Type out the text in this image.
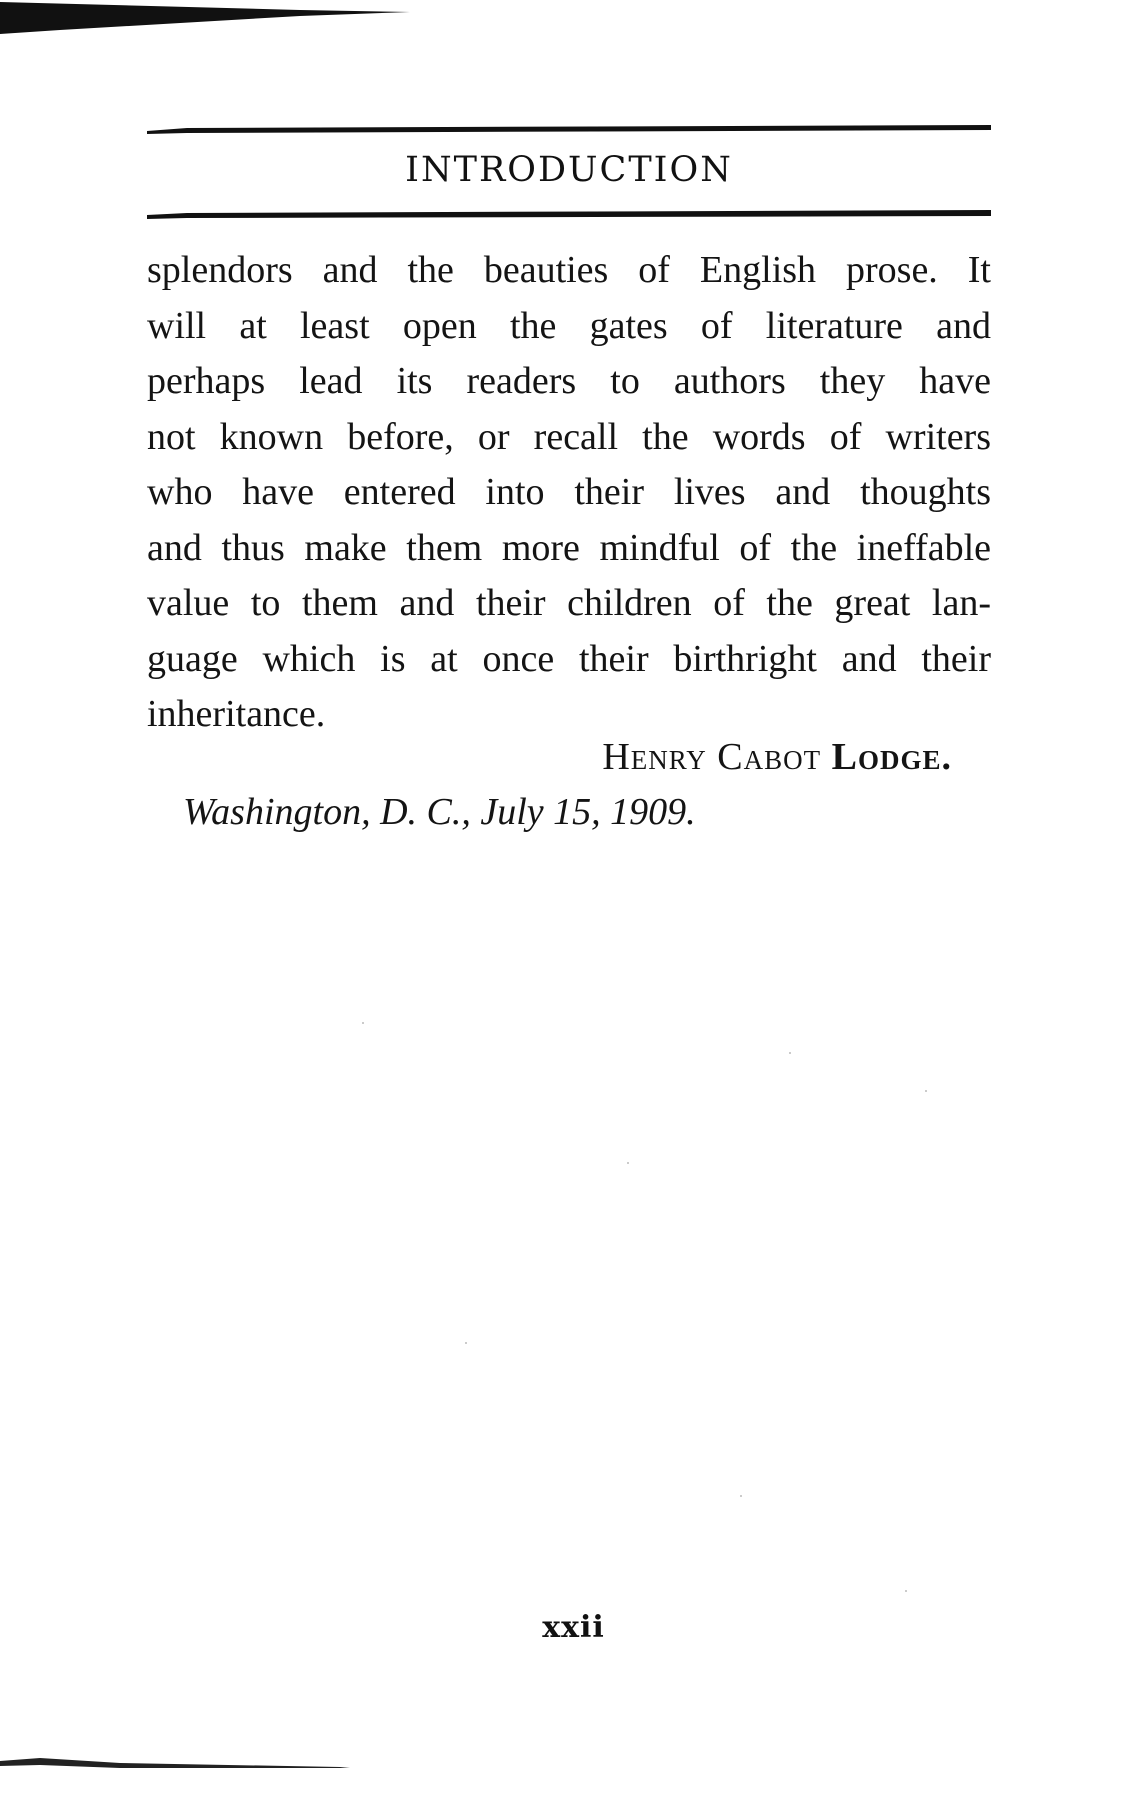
INTRODUCTION
splendors and the beauties of English prose. It
will at least open the gates of literature and
perhaps lead its readers to authors they have
not known before, or recall the words of writers
who have entered into their lives and thoughts
and thus make them more mindful of the ineffable
value to them and their children of the great lan-
guage which is at once their birthright and their
inheritance.
Henry Cabot Lodge.
Washington, D. C., July 15, 1909.
xxii
